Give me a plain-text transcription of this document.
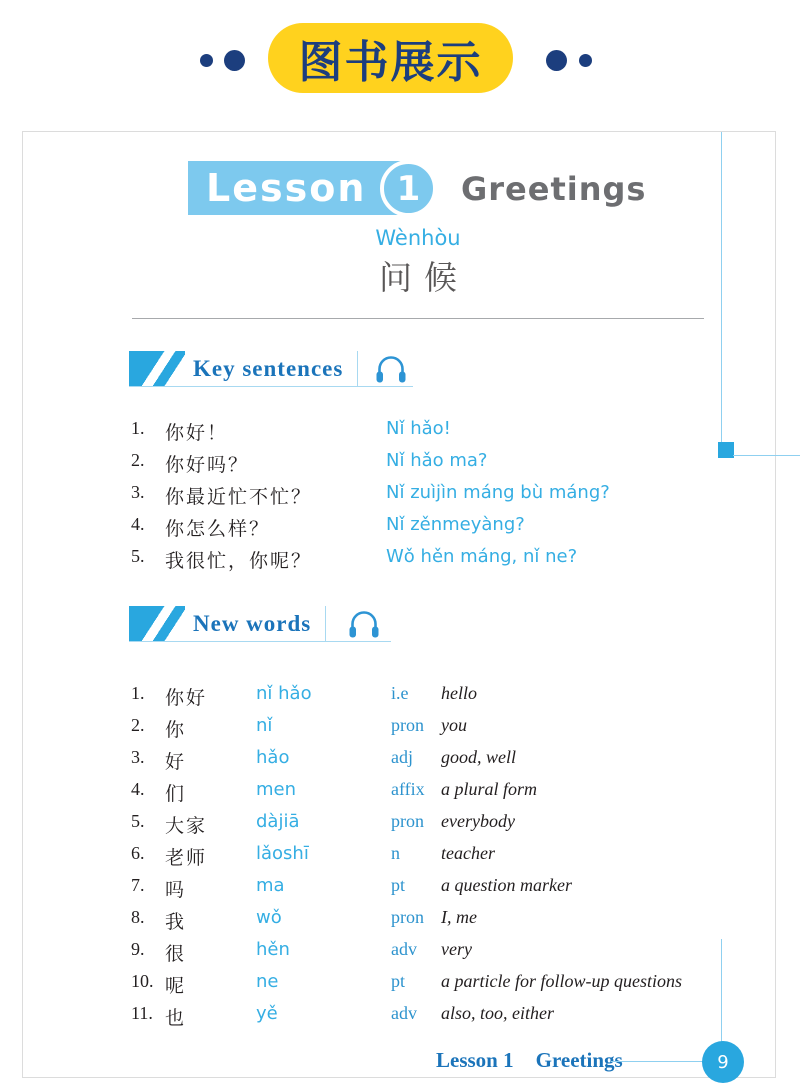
图书展示
Lesson 1 Greetings
Wènhòu
问候
Key sentences
1. 你好！	Nǐ hǎo!
2. 你好吗？	Nǐ hǎo ma?
3. 你最近忙不忙？	Nǐ zuìjìn máng bù máng?
4. 你怎么样？	Nǐ zěnmeyàng?
5. 我很忙，你呢？	Wǒ hěn máng, nǐ ne?
New words
1. 你好	nǐ hǎo	i.e hello
2. 你	nǐ	pron you
3. 好	hǎo	adj good, well
4. 们	men	affix a plural form
5. 大家	dàjiā	pron everybody
6. 老师	lǎoshī	n teacher
7. 吗	ma	pt a question marker
8. 我	wǒ	pron I, me
9. 很	hěn	adv very
10. 呢	ne	pt a particle for follow-up questions
11. 也	yě	adv also, too, either
Lesson 1 Greetings	9
